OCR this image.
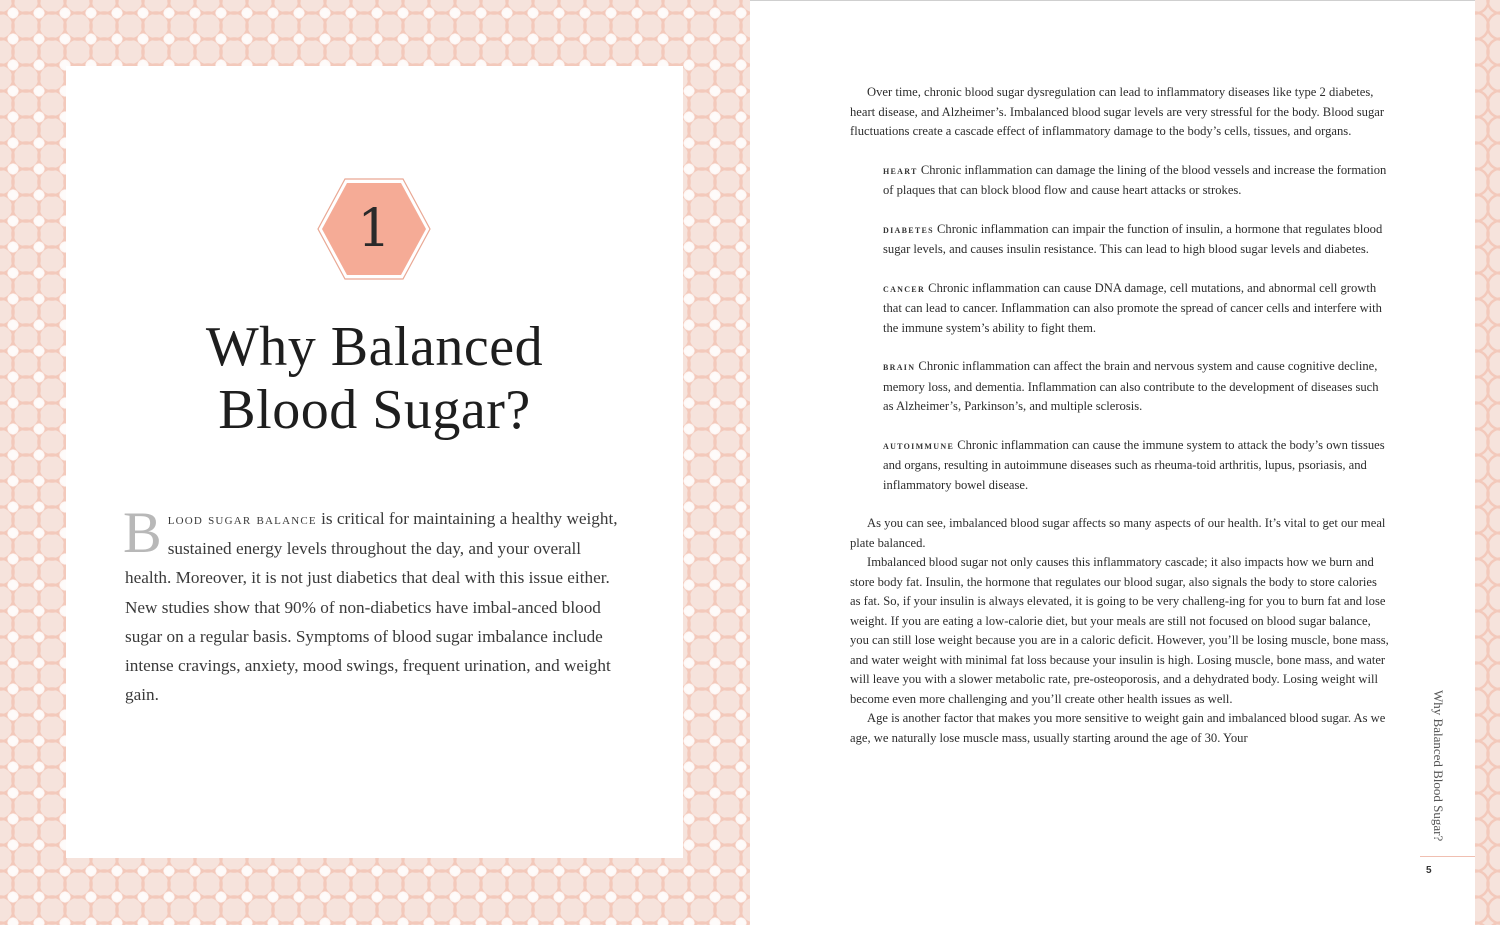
1
Why Balanced
Blood Sugar?

Blood sugar balance is critical for maintaining a healthy weight, sustained energy levels throughout the day, and your overall health. Moreover, it is not just diabetics that deal with this issue either. New studies show that 90% of non-diabetics have imbal-anced blood sugar on a regular basis. Symptoms of blood sugar imbalance include intense cravings, anxiety, mood swings, frequent urination, and weight gain.

Over time, chronic blood sugar dysregulation can lead to inflammatory diseases like type 2 diabetes, heart disease, and Alzheimer’s. Imbalanced blood sugar levels are very stressful for the body. Blood sugar fluctuations create a cascade effect of inflammatory damage to the body’s cells, tissues, and organs.

heart Chronic inflammation can damage the lining of the blood vessels and increase the formation of plaques that can block blood flow and cause heart attacks or strokes.

diabetes Chronic inflammation can impair the function of insulin, a hormone that regulates blood sugar levels, and causes insulin resistance. This can lead to high blood sugar levels and diabetes.

cancer Chronic inflammation can cause DNA damage, cell mutations, and abnormal cell growth that can lead to cancer. Inflammation can also promote the spread of cancer cells and interfere with the immune system’s ability to fight them.

brain Chronic inflammation can affect the brain and nervous system and cause cognitive decline, memory loss, and dementia. Inflammation can also contribute to the development of diseases such as Alzheimer’s, Parkinson’s, and multiple sclerosis.

autoimmune Chronic inflammation can cause the immune system to attack the body’s own tissues and organs, resulting in autoimmune diseases such as rheuma-toid arthritis, lupus, psoriasis, and inflammatory bowel disease.

As you can see, imbalanced blood sugar affects so many aspects of our health. It’s vital to get our meal plate balanced.

Imbalanced blood sugar not only causes this inflammatory cascade; it also impacts how we burn and store body fat. Insulin, the hormone that regulates our blood sugar, also signals the body to store calories as fat. So, if your insulin is always elevated, it is going to be very challeng-ing for you to burn fat and lose weight. If you are eating a low-calorie diet, but your meals are still not focused on blood sugar balance, you can still lose weight because you are in a caloric deficit. However, you’ll be losing muscle, bone mass, and water weight with minimal fat loss because your insulin is high. Losing muscle, bone mass, and water will leave you with a slower metabolic rate, pre-osteoporosis, and a dehydrated body. Losing weight will become even more challenging and you’ll create other health issues as well.

Age is another factor that makes you more sensitive to weight gain and imbalanced blood sugar. As we age, we naturally lose muscle mass, usually starting around the age of 30. Your	Why Balanced Blood Sugar?
5
